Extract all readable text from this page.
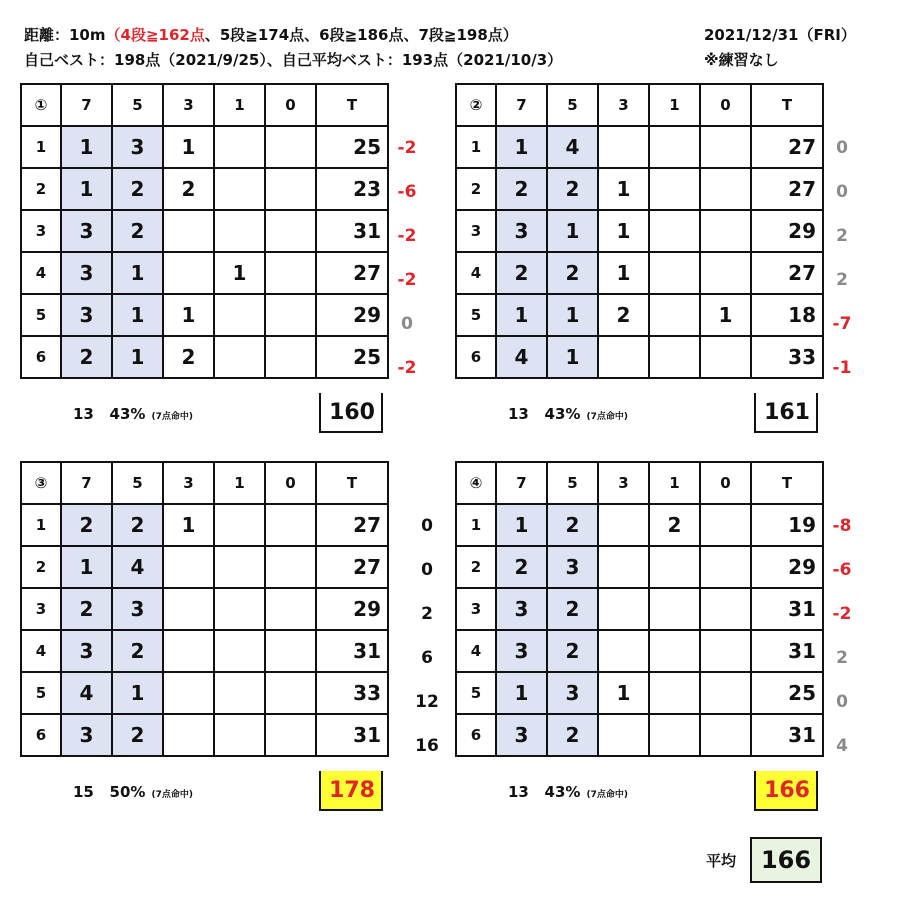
距離：10m（4段≧162点、5段≧174点、6段≧186点、7段≧198点）
自己ベスト：198点（2021/9/25）、自己平均ベスト：193点（2021/10/3）
2021/12/31（FRI）
※練習なし
①	7	5	3	1	0	T
1	1	3	1			25
2	1	2	2			23
3	3	2				31
4	3	1		1		27
5	3	1	1			29
6	2	1	2			25
②	7	5	3	1	0	T
1	1	4				27
2	2	2	1			27
3	3	1	1			29
4	2	2	1			27
5	1	1	2		1	18
6	4	1				33
③	7	5	3	1	0	T
1	2	2	1			27
2	1	4				27
3	2	3				29
4	3	2				31
5	4	1				33
6	3	2				31
④	7	5	3	1	0	T
1	1	2		2		19
2	2	3				29
3	3	2				31
4	3	2				31
5	1	3	1			25
6	3	2				31
平均	166
-2
-6
-2
-2
0
-2
13 43% (7点命中)	160
0
0
2
2
-7
-1
13 43% (7点命中)	161
15 50% (7点命中)	178
-8
-6
-2
2
0
4
13 43% (7点命中)	166
0
0
2
6
12
16
